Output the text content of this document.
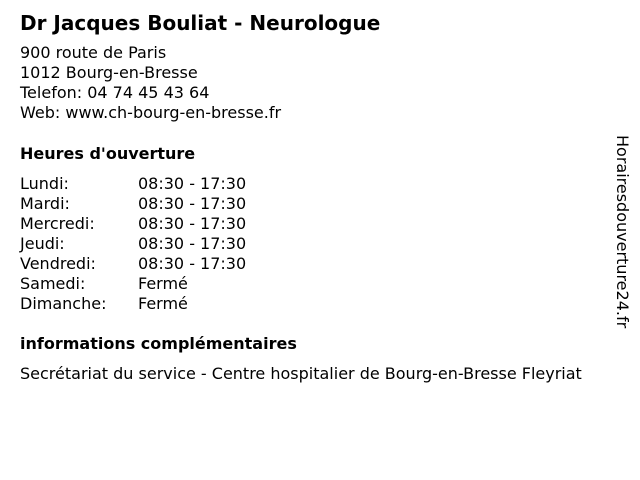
Dr Jacques Bouliat - Neurologue
900 route de Paris
1012 Bourg-en-Bresse
Telefon: 04 74 45 43 64
Web: www.ch-bourg-en-bresse.fr
Heures d'ouverture
Lundi:	08:30 - 17:30
Mardi:	08:30 - 17:30
Mercredi:	08:30 - 17:30
Jeudi:	08:30 - 17:30
Vendredi:	08:30 - 17:30
Samedi:	Fermé
Dimanche: Fermé
informations complémentaires
Secrétariat du service - Centre hospitalier de Bourg-en-Bresse Fleyriat
Horairesdouverture24.fr
